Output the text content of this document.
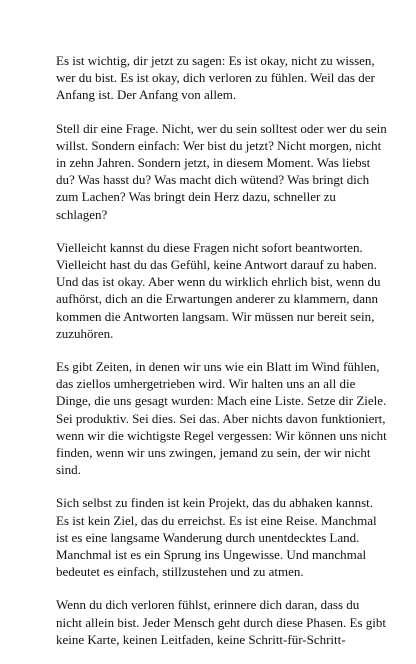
Es ist wichtig, dir jetzt zu sagen: Es ist okay, nicht zu wissen,
wer du bist. Es ist okay, dich verloren zu fühlen. Weil das der
Anfang ist. Der Anfang von allem.

Stell dir eine Frage. Nicht, wer du sein solltest oder wer du sein
willst. Sondern einfach: Wer bist du jetzt? Nicht morgen, nicht
in zehn Jahren. Sondern jetzt, in diesem Moment. Was liebst
du? Was hasst du? Was macht dich wütend? Was bringt dich
zum Lachen? Was bringt dein Herz dazu, schneller zu
schlagen?

Vielleicht kannst du diese Fragen nicht sofort beantworten.
Vielleicht hast du das Gefühl, keine Antwort darauf zu haben.
Und das ist okay. Aber wenn du wirklich ehrlich bist, wenn du
aufhörst, dich an die Erwartungen anderer zu klammern, dann
kommen die Antworten langsam. Wir müssen nur bereit sein,
zuzuhören.

Es gibt Zeiten, in denen wir uns wie ein Blatt im Wind fühlen,
das ziellos umhergetrieben wird. Wir halten uns an all die
Dinge, die uns gesagt wurden: Mach eine Liste. Setze dir Ziele.
Sei produktiv. Sei dies. Sei das. Aber nichts davon funktioniert,
wenn wir die wichtigste Regel vergessen: Wir können uns nicht
finden, wenn wir uns zwingen, jemand zu sein, der wir nicht
sind.

Sich selbst zu finden ist kein Projekt, das du abhaken kannst.
Es ist kein Ziel, das du erreichst. Es ist eine Reise. Manchmal
ist es eine langsame Wanderung durch unentdecktes Land.
Manchmal ist es ein Sprung ins Ungewisse. Und manchmal
bedeutet es einfach, stillzustehen und zu atmen.

Wenn du dich verloren fühlst, erinnere dich daran, dass du
nicht allein bist. Jeder Mensch geht durch diese Phasen. Es gibt
keine Karte, keinen Leitfaden, keine Schritt-für-Schritt-
